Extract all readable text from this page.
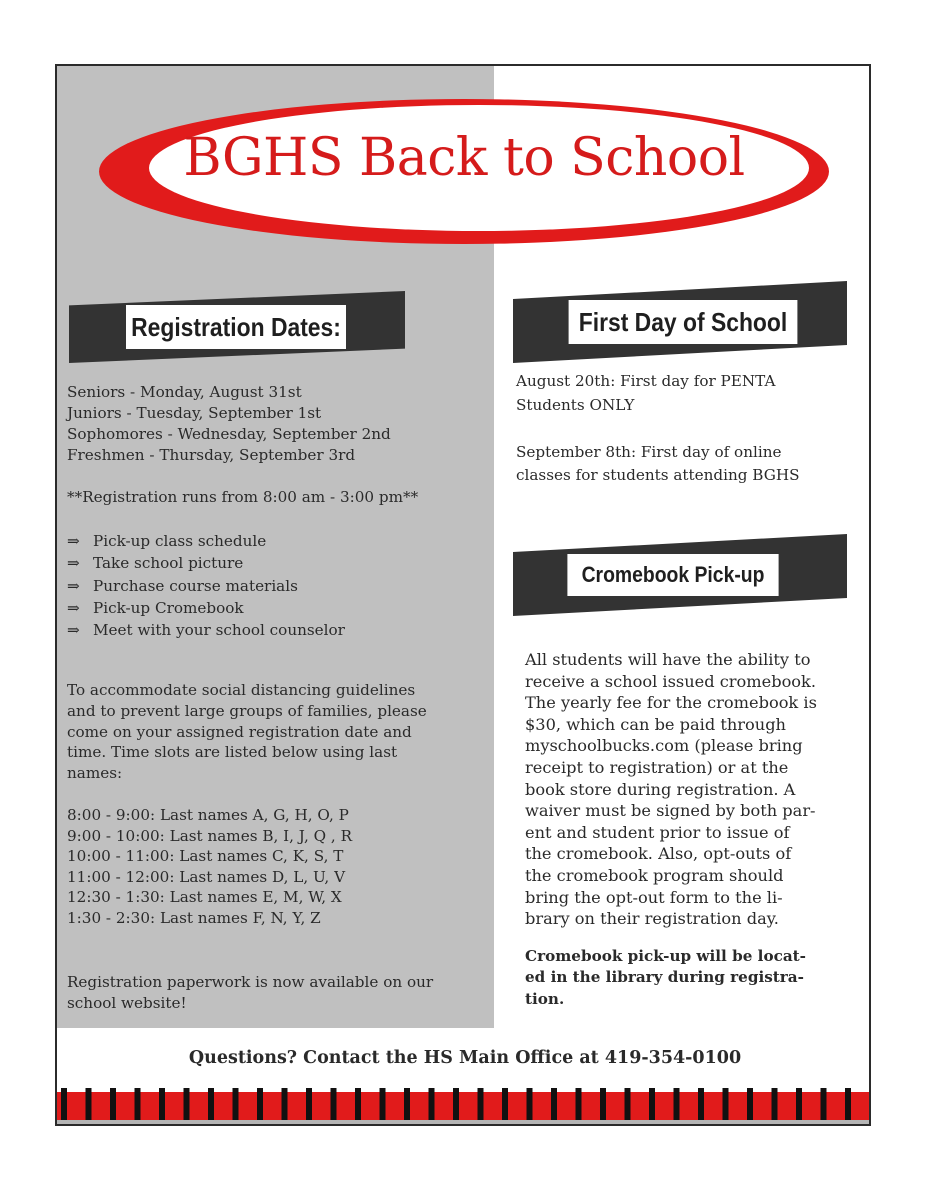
BGHS Back to School
Registration Dates:	First Day of School
Cromebook Pick-up
Seniors - Monday, August 31st
Juniors - Tuesday, September 1st
Sophomores - Wednesday, September 2nd
Freshmen - Thursday, September 3rd
**Registration runs from 8:00 am - 3:00 pm**
⇒ Pick-up class schedule
⇒ Take school picture
⇒ Purchase course materials
⇒ Pick-up Cromebook
⇒ Meet with your school counselor
To accommodate social distancing guidelines
and to prevent large groups of families, please
come on your assigned registration date and
time. Time slots are listed below using last
names:
8:00 - 9:00: Last names A, G, H, O, P
9:00 - 10:00: Last names B, I, J, Q , R
10:00 - 11:00: Last names C, K, S, T
11:00 - 12:00: Last names D, L, U, V
12:30 - 1:30: Last names E, M, W, X
1:30 - 2:30: Last names F, N, Y, Z
Registration paperwork is now available on our
school website!
August 20th: First day for PENTA
Students ONLY
September 8th: First day of online
classes for students attending BGHS
All students will have the ability to
receive a school issued cromebook.
The yearly fee for the cromebook is
$30, which can be paid through
myschoolbucks.com (please bring
receipt to registration) or at the
book store during registration. A
waiver must be signed by both par-
ent and student prior to issue of
the cromebook. Also, opt-outs of
the cromebook program should
bring the opt-out form to the li-
brary on their registration day.
Cromebook pick-up will be locat-
ed in the library during registra-
tion.
Questions? Contact the HS Main Office at 419-354-0100
